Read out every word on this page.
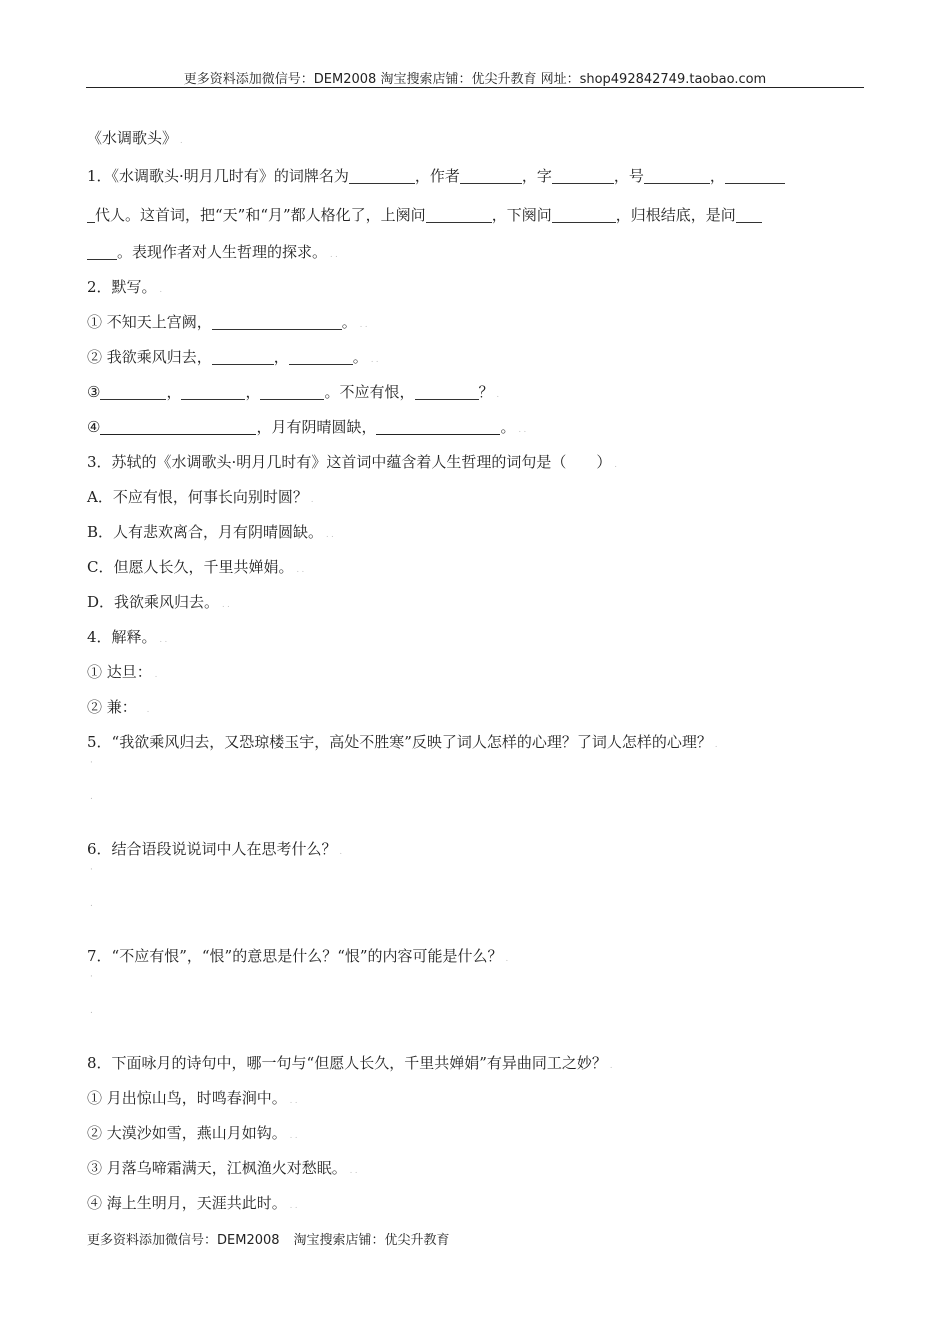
更多资料添加微信号：DEM2008 淘宝搜索店铺：优尖升教育 网址：shop492842749.taobao.com
《水调歌头》 .
1．《水调歌头·明月几时有》的词牌名为	，作者	，字	，号	，
代人。这首词，把“天”和“月”都人格化了，上阕问	，下阕问	，归根结底，是问
。表现作者对人生哲理的探求。 . .
2．默写。 .
① 不知天上宫阙，	。 . .
② 我欲乘风归去，	，	。 . .
③	，	，	。不应有恨，	？ .
④	，月有阴晴圆缺，	。 . .
3．苏轼的《水调歌头·明月几时有》这首词中蕴含着人生哲理的词句是（　　） .
A．不应有恨，何事长向别时圆？ .
B．人有悲欢离合，月有阴晴圆缺。 . .
C．但愿人长久，千里共婵娟。 . .
D．我欲乘风归去。 . .
4．解释。 . .
① 达旦： .
② 兼： .
5．“我欲乘风归去，又恐琼楼玉宇，高处不胜寒”反映了词人怎样的心理？了词人怎样的心理？ .
·
.
6．结合语段说说词中人在思考什么？ .
·
.
7．“不应有恨”，“恨”的意思是什么？“恨”的内容可能是什么？ .
·
.
8．下面咏月的诗句中，哪一句与“但愿人长久，千里共婵娟”有异曲同工之妙？ .
① 月出惊山鸟，时鸣春涧中。 . .
② 大漠沙如雪，燕山月如钩。 . .
③ 月落乌啼霜满天，江枫渔火对愁眠。 . .
④ 海上生明月，天涯共此时。 . .
更多资料添加微信号：DEM2008 淘宝搜索店铺：优尖升教育
